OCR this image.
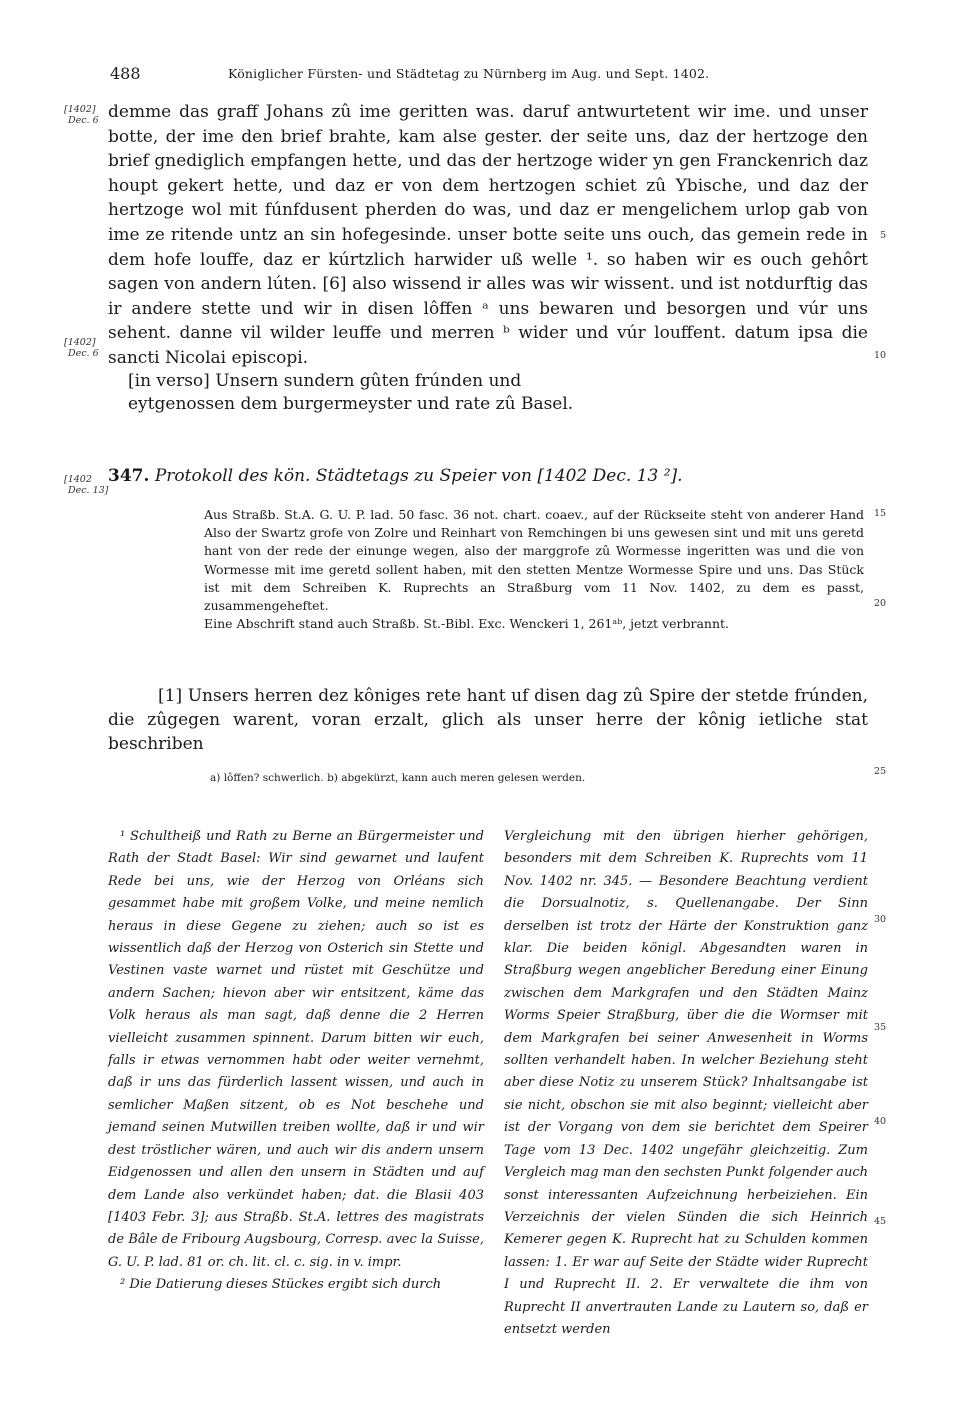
488	Königlicher Fürsten- und Städtetag zu Nürnberg im Aug. und Sept. 1402.
[1402]
Dec. 6
[1402]
Dec. 6
[1402
Dec. 13]
5
10
15
20
25
30
35
40
45

demme das graff Johans zû ime geritten was. daruf antwurtetent wir ime. und unser botte, der ime den brief brahte, kam alse gester. der seite uns, daz der hertzoge den brief gnediglich empfangen hette, und das der hertzoge wider yn gen Franckenrich daz houpt gekert hette, und daz er von dem hertzogen schiet zû Ybische, und daz der hertzoge wol mit fúnfdusent pherden do was, und daz er mengelichem urlop gab von ime ze ritende untz an sin hofegesinde. unser botte seite uns ouch, das gemein rede in dem hofe louffe, daz er kúrtzlich harwider uß welle ¹. so haben wir es ouch gehôrt sagen von andern lúten. [6] also wissend ir alles was wir wissent. und ist notdurftig das ir andere stette und wir in disen lôffen ᵃ uns bewaren und besorgen und vúr uns sehent. danne vil wilder leuffe und merren ᵇ wider und vúr louffent. datum ipsa die sancti Nicolai episcopi.

[in verso] Unsern sundern gûten frúnden und
eytgenossen dem burgermeyster und rate zû Basel.
347. Protokoll des kön. Städtetags zu Speier von [1402 Dec. 13 ²].

Aus Straßb. St.A. G. U. P. lad. 50 fasc. 36 not. chart. coaev., auf der Rückseite steht von anderer Hand Also der Swartz grofe von Zolre und Reinhart von Remchingen bi uns gewesen sint und mit uns geretd hant von der rede der einunge wegen, also der marggrofe zû Wormesse ingeritten was und die von Wormesse mit ime geretd sollent haben, mit den stetten Mentze Wormesse Spire und uns. Das Stück ist mit dem Schreiben K. Ruprechts an Straßburg vom 11 Nov. 1402, zu dem es passt, zusammengeheftet.

Eine Abschrift stand auch Straßb. St.-Bibl. Exc. Wenckeri 1, 261ᵃᵇ, jetzt verbrannt.

[1] Unsers herren dez kôniges rete hant uf disen dag zû Spire der stetde frúnden, die zûgegen warent, voran erzalt, glich als unser herre der kônig ietliche stat beschriben

a) lôffen? schwerlich. b) abgekürzt, kann auch meren gelesen werden.

¹ Schultheiß und Rath zu Berne an Bürgermeister und Rath der Stadt Basel: Wir sind gewarnet und laufent Rede bei uns, wie der Herzog von Orléans sich gesammet habe mit großem Volke, und meine nemlich heraus in diese Gegene zu ziehen; auch so ist es wissentlich daß der Herzog von Osterich sin Stette und Vestinen vaste warnet und rüstet mit Geschütze und andern Sachen; hievon aber wir entsitzent, käme das Volk heraus als man sagt, daß denne die 2 Herren vielleicht zusammen spinnent. Darum bitten wir euch, falls ir etwas vernommen habt oder weiter vernehmt, daß ir uns das fürderlich lassent wissen, und auch in semlicher Maßen sitzent, ob es Not beschehe und jemand seinen Mutwillen treiben wollte, daß ir und wir dest tröstlicher wären, und auch wir dis andern unsern Eidgenossen und allen den unsern in Städten und auf dem Lande also verkündet haben; dat. die Blasii 403 [1403 Febr. 3]; aus Straßb. St.A. lettres des magistrats de Bâle de Fribourg Augsbourg, Corresp. avec la Suisse, G. U. P. lad. 81 or. ch. lit. cl. c. sig. in v. impr.

² Die Datierung dieses Stückes ergibt sich durch

Vergleichung mit den übrigen hierher gehörigen, besonders mit dem Schreiben K. Ruprechts vom 11 Nov. 1402 nr. 345. — Besondere Beachtung verdient die Dorsualnotiz, s. Quellenangabe. Der Sinn derselben ist trotz der Härte der Konstruktion ganz klar. Die beiden königl. Abgesandten waren in Straßburg wegen angeblicher Beredung einer Einung zwischen dem Markgrafen und den Städten Mainz Worms Speier Straßburg, über die die Wormser mit dem Markgrafen bei seiner Anwesenheit in Worms sollten verhandelt haben. In welcher Beziehung steht aber diese Notiz zu unserem Stück? Inhaltsangabe ist sie nicht, obschon sie mit also beginnt; vielleicht aber ist der Vorgang von dem sie berichtet dem Speirer Tage vom 13 Dec. 1402 ungefähr gleichzeitig. Zum Vergleich mag man den sechsten Punkt folgender auch sonst interessanten Aufzeichnung herbeiziehen. Ein Verzeichnis der vielen Sünden die sich Heinrich Kemerer gegen K. Ruprecht hat zu Schulden kommen lassen: 1. Er war auf Seite der Städte wider Ruprecht I und Ruprecht II. 2. Er verwaltete die ihm von Ruprecht II anvertrauten Lande zu Lautern so, daß er entsetzt werden
